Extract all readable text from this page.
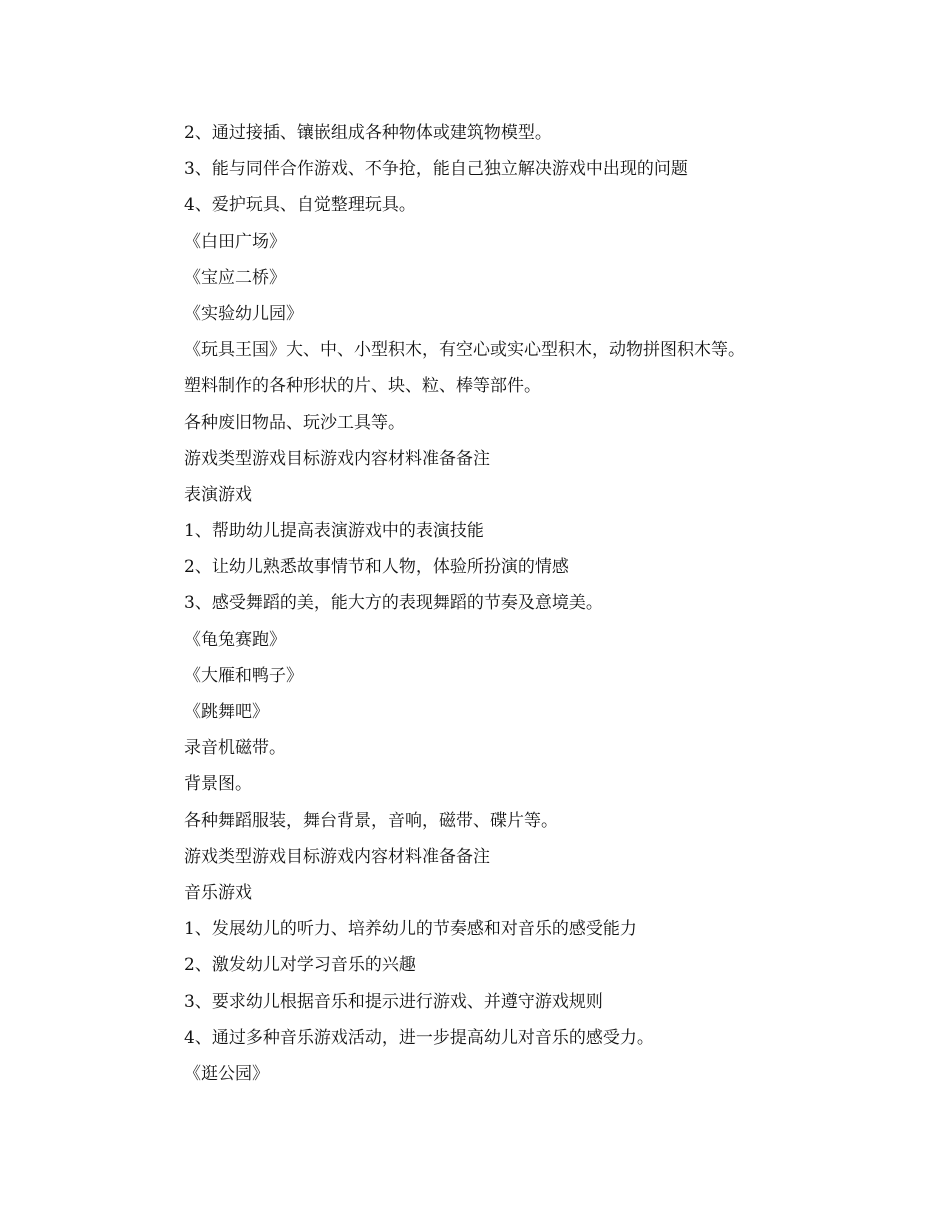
2、通过接插、镶嵌组成各种物体或建筑物模型。
3、能与同伴合作游戏、不争抢，能自己独立解决游戏中出现的问题
4、爱护玩具、自觉整理玩具。
《白田广场》
《宝应二桥》
《实验幼儿园》
《玩具王国》大、中、小型积木，有空心或实心型积木，动物拼图积木等。
塑料制作的各种形状的片、块、粒、棒等部件。
各种废旧物品、玩沙工具等。
游戏类型游戏目标游戏内容材料准备备注
表演游戏
1、帮助幼儿提高表演游戏中的表演技能
2、让幼儿熟悉故事情节和人物，体验所扮演的情感
3、感受舞蹈的美，能大方的表现舞蹈的节奏及意境美。
《龟兔赛跑》
《大雁和鸭子》
《跳舞吧》
录音机磁带。
背景图。
各种舞蹈服装，舞台背景，音响，磁带、碟片等。
游戏类型游戏目标游戏内容材料准备备注
音乐游戏
1、发展幼儿的听力、培养幼儿的节奏感和对音乐的感受能力
2、激发幼儿对学习音乐的兴趣
3、要求幼儿根据音乐和提示进行游戏、并遵守游戏规则
4、通过多种音乐游戏活动，进一步提高幼儿对音乐的感受力。
《逛公园》
